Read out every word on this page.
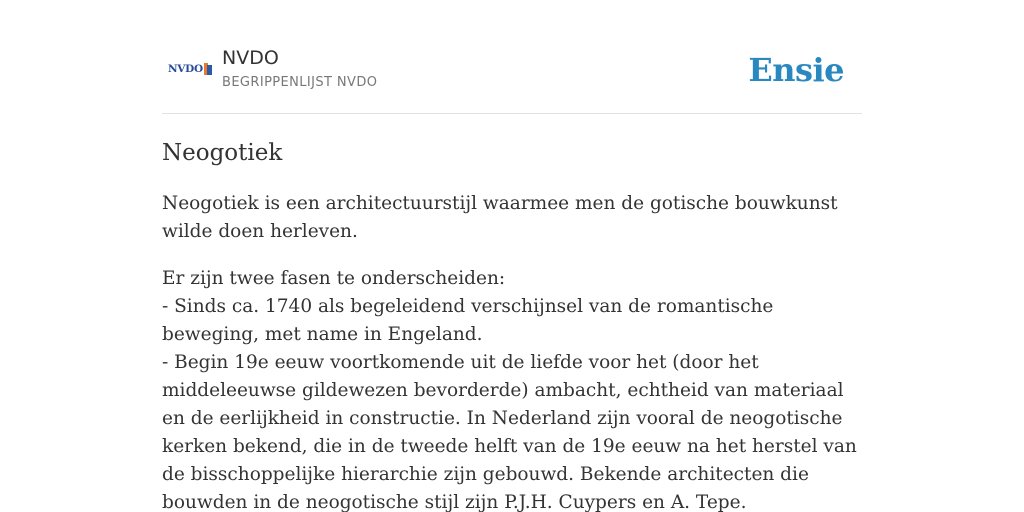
NVDO NVDO
BEGRIPPENLIJST NVDO	Ensie
Neogotiek

Neogotiek is een architectuurstijl waarmee men de gotische bouwkunst wilde doen herleven.

Er zijn twee fasen te onderscheiden:
- Sinds ca. 1740 als begeleidend verschijnsel van de romantische beweging, met name in Engeland.
- Begin 19e eeuw voortkomende uit de liefde voor het (door het middeleeuwse gildewezen bevorderde) ambacht, echtheid van materiaal en de eerlijkheid in constructie. In Nederland zijn vooral de neogotische kerken bekend, die in de tweede helft van de 19e eeuw na het herstel van de bisschoppelijke hierarchie zijn gebouwd. Bekende architecten die bouwden in de neogotische stijl zijn P.J.H. Cuypers en A. Tepe.
